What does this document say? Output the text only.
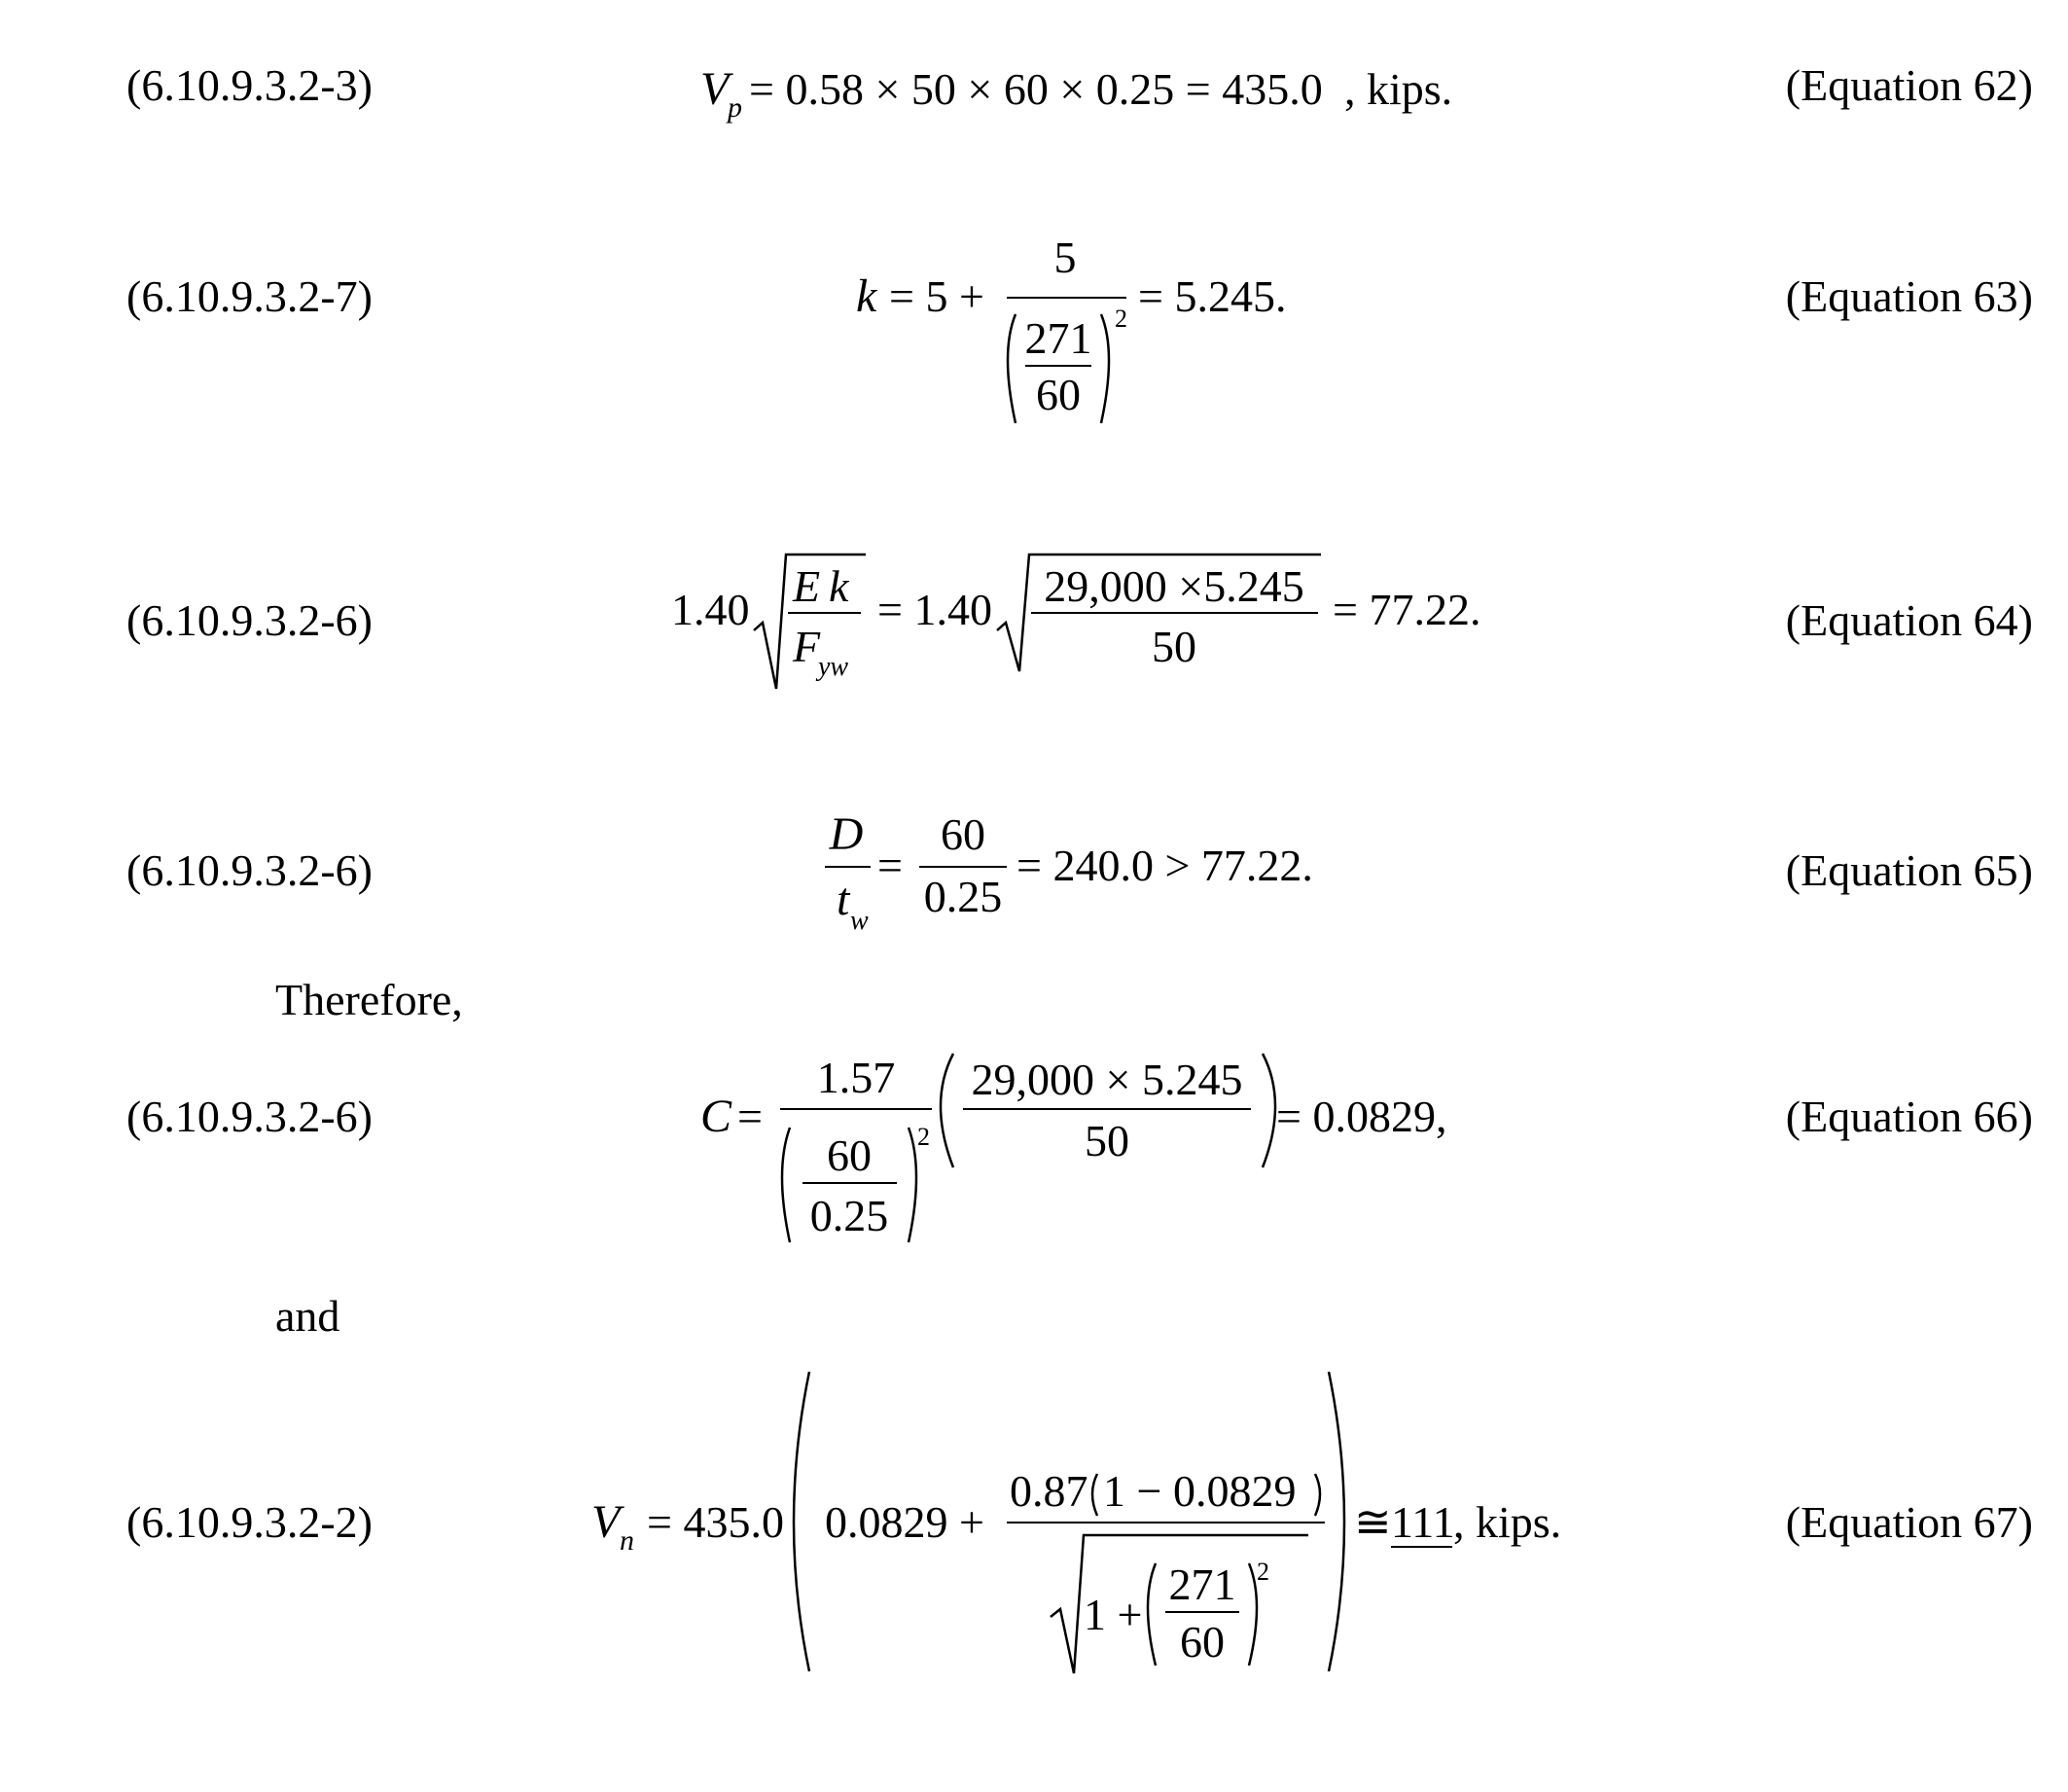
(6.10.9.3.2-3)	(Equation 62)
V
p = 0.58 × 50 × 60 × 0.25 = 435.0 , kips.
(6.10.9.3.2-7)	(Equation 63)
k = 5 +
5
271
60
2 = 5.245.
(6.10.9.3.2-6)	(Equation 64)
1.40 E k
F
yw
= 1.40 29,000 ×5.245
50
= 77.22.
(6.10.9.3.2-6)	(Equation 65)
D
t w
=
60
0.25
= 240.0 > 77.22.
Therefore,
(6.10.9.3.2-6)	(Equation 66)
C =
1.57
60
0.25
2
29,000 × 5.245
50	= 0.0829,
and
(6.10.9.3.2-2)	(Equation 67)
V n = 435.0 0.0829 +
0.87 1 − 0.0829
1 +
271
60
2
≅ 111
, kips.
